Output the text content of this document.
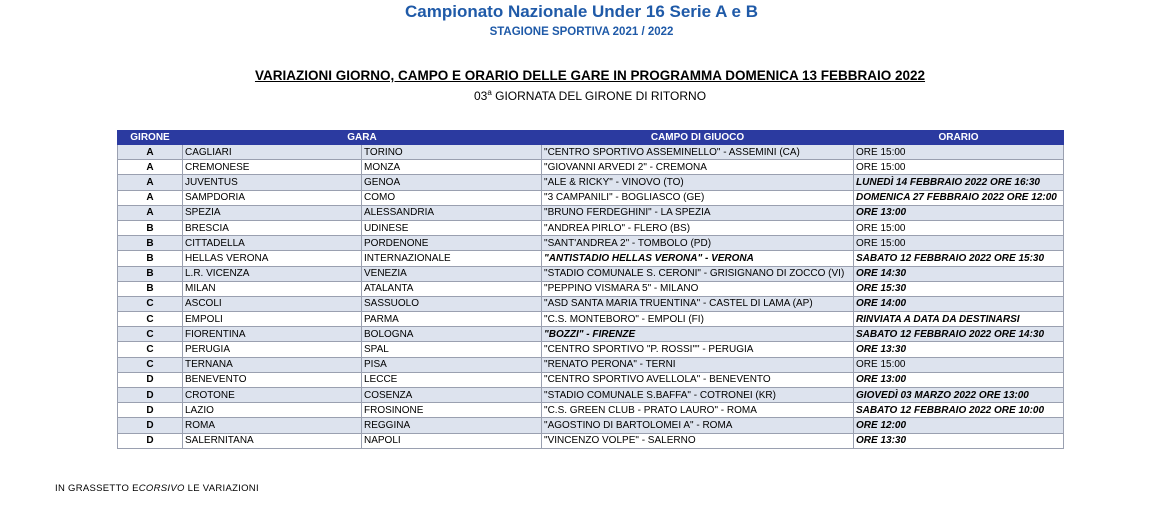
Campionato Nazionale Under 16 Serie A e B
STAGIONE SPORTIVA 2021 / 2022
VARIAZIONI GIORNO, CAMPO E ORARIO DELLE GARE IN PROGRAMMA DOMENICA 13 FEBBRAIO 2022
03$^a$ GIORNATA DEL GIRONE DI RITORNO
GIRONE	GARA		CAMPO DI GIUOCO	ORARIO
A	CAGLIARI	TORINO	"CENTRO SPORTIVO ASSEMINELLO" - ASSEMINI (CA)	ORE 15:00
A	CREMONESE	MONZA	"GIOVANNI ARVEDI 2" - CREMONA	ORE 15:00
A	JUVENTUS	GENOA	"ALE & RICKY" - VINOVO (TO)	LUNEDÌ 14 FEBBRAIO 2022 ORE 16:30
A	SAMPDORIA	COMO	"3 CAMPANILI" - BOGLIASCO (GE)	DOMENICA 27 FEBBRAIO 2022 ORE 12:00
A	SPEZIA	ALESSANDRIA	"BRUNO FERDEGHINI" - LA SPEZIA	ORE 13:00
B	BRESCIA	UDINESE	"ANDREA PIRLO" - FLERO (BS)	ORE 15:00
B	CITTADELLA	PORDENONE	"SANT'ANDREA 2" - TOMBOLO (PD)	ORE 15:00
B	HELLAS VERONA	INTERNAZIONALE	"ANTISTADIO HELLAS VERONA" - VERONA	SABATO 12 FEBBRAIO 2022 ORE 15:30
B	L.R. VICENZA	VENEZIA	"STADIO COMUNALE S. CERONI" - GRISIGNANO DI ZOCCO (VI)	ORE 14:30
B	MILAN	ATALANTA	"PEPPINO VISMARA 5" - MILANO	ORE 15:30
C	ASCOLI	SASSUOLO	"ASD SANTA MARIA TRUENTINA" - CASTEL DI LAMA (AP)	ORE 14:00
C	EMPOLI	PARMA	"C.S. MONTEBORO" - EMPOLI (FI)	RINVIATA A DATA DA DESTINARSI
C	FIORENTINA	BOLOGNA	"BOZZI" - FIRENZE	SABATO 12 FEBBRAIO 2022 ORE 14:30
C	PERUGIA	SPAL	"CENTRO SPORTIVO "P. ROSSI"" - PERUGIA	ORE 13:30
C	TERNANA	PISA	"RENATO PERONA" - TERNI	ORE 15:00
D	BENEVENTO	LECCE	"CENTRO SPORTIVO AVELLOLA" - BENEVENTO	ORE 13:00
D	CROTONE	COSENZA	"STADIO COMUNALE S.BAFFA" - COTRONEI (KR)	GIOVEDÌ 03 MARZO 2022 ORE 13:00
D	LAZIO	FROSINONE	"C.S. GREEN CLUB - PRATO LAURO" - ROMA	SABATO 12 FEBBRAIO 2022 ORE 10:00
D	ROMA	REGGINA	"AGOSTINO DI BARTOLOMEI A" - ROMA	ORE 12:00
D	SALERNITANA	NAPOLI	"VINCENZO VOLPE" - SALERNO	ORE 13:30
IN GRASSETTO ECORSIVO LE VARIAZIONI
